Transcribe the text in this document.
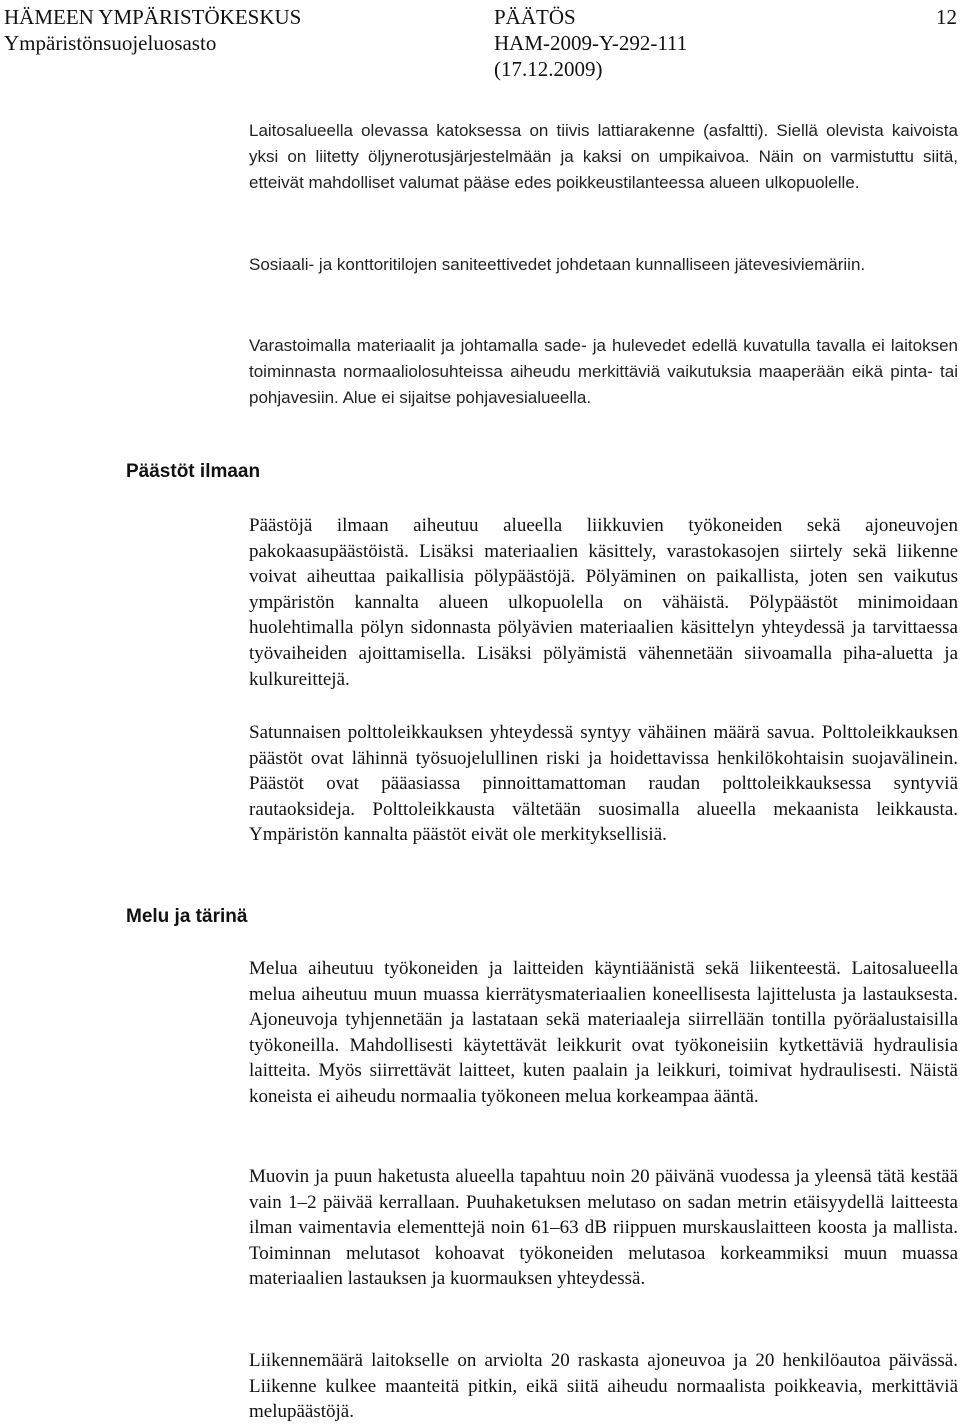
HÄMEEN YMPÄRISTÖKESKUS
Ympäristönsuojeluosasto
PÄÄTÖS
HAM-2009-Y-292-111
(17.12.2009)
12
Päästöt ilmaan
Melu ja tärinä

Laitosalueella olevassa katoksessa on tiivis lattiarakenne (asfaltti). Siellä olevista kaivoista yksi on liitetty öljynerotusjärjestelmään ja kaksi on umpikaivoa. Näin on varmistuttu siitä, etteivät mahdolliset valumat pääse edes poikkeustilanteessa alueen ulkopuolelle.

Sosiaali- ja konttoritilojen saniteettivedet johdetaan kunnalliseen jätevesiviemäriin.

Varastoimalla materiaalit ja johtamalla sade- ja hulevedet edellä kuvatulla tavalla ei laitoksen toiminnasta normaaliolosuhteissa aiheudu merkittäviä vaikutuksia maaperään eikä pinta- tai pohjavesiin. Alue ei sijaitse pohjavesialueella.

Päästöjä ilmaan aiheutuu alueella liikkuvien työkoneiden sekä ajoneuvojen pakokaasupäästöistä. Lisäksi materiaalien käsittely, varastokasojen siirtely sekä liikenne voivat aiheuttaa paikallisia pölypäästöjä. Pölyäminen on paikallista, joten sen vaikutus ympäristön kannalta alueen ulkopuolella on vähäistä. Pölypäästöt minimoidaan huolehtimalla pölyn sidonnasta pölyävien materiaalien käsittelyn yhteydessä ja tarvittaessa työvaiheiden ajoittamisella. Lisäksi pölyämistä vähennetään siivoamalla piha-aluetta ja kulkureittejä.

Satunnaisen polttoleikkauksen yhteydessä syntyy vähäinen määrä savua. Polttoleikkauksen päästöt ovat lähinnä työsuojelullinen riski ja hoidettavissa henkilökohtaisin suojavälinein. Päästöt ovat pääasiassa pinnoittamattoman raudan polttoleikkauksessa syntyviä rautaoksideja. Polttoleikkausta vältetään suosimalla alueella mekaanista leikkausta. Ympäristön kannalta päästöt eivät ole merkityksellisiä.

Melua aiheutuu työkoneiden ja laitteiden käyntiäänistä sekä liikenteestä. Laitosalueella melua aiheutuu muun muassa kierrätysmateriaalien koneellisesta lajittelusta ja lastauksesta. Ajoneuvoja tyhjennetään ja lastataan sekä materiaaleja siirrellään tontilla pyöräalustaisilla työkoneilla. Mahdollisesti käytettävät leikkurit ovat työkoneisiin kytkettäviä hydraulisia laitteita. Myös siirrettävät laitteet, kuten paalain ja leikkuri, toimivat hydraulisesti. Näistä koneista ei aiheudu normaalia työkoneen melua korkeampaa ääntä.

Muovin ja puun haketusta alueella tapahtuu noin 20 päivänä vuodessa ja yleensä tätä kestää vain 1–2 päivää kerrallaan. Puuhaketuksen melutaso on sadan metrin etäisyydellä laitteesta ilman vaimentavia elementtejä noin 61–63 dB riippuen murskauslaitteen koosta ja mallista. Toiminnan melutasot kohoavat työkoneiden melutasoa korkeammiksi muun muassa materiaalien lastauksen ja kuormauksen yhteydessä.

Liikennemäärä laitokselle on arviolta 20 raskasta ajoneuvoa ja 20 henkilöautoa päivässä. Liikenne kulkee maanteitä pitkin, eikä siitä aiheudu normaalista poikkeavia, merkittäviä melupäästöjä.
